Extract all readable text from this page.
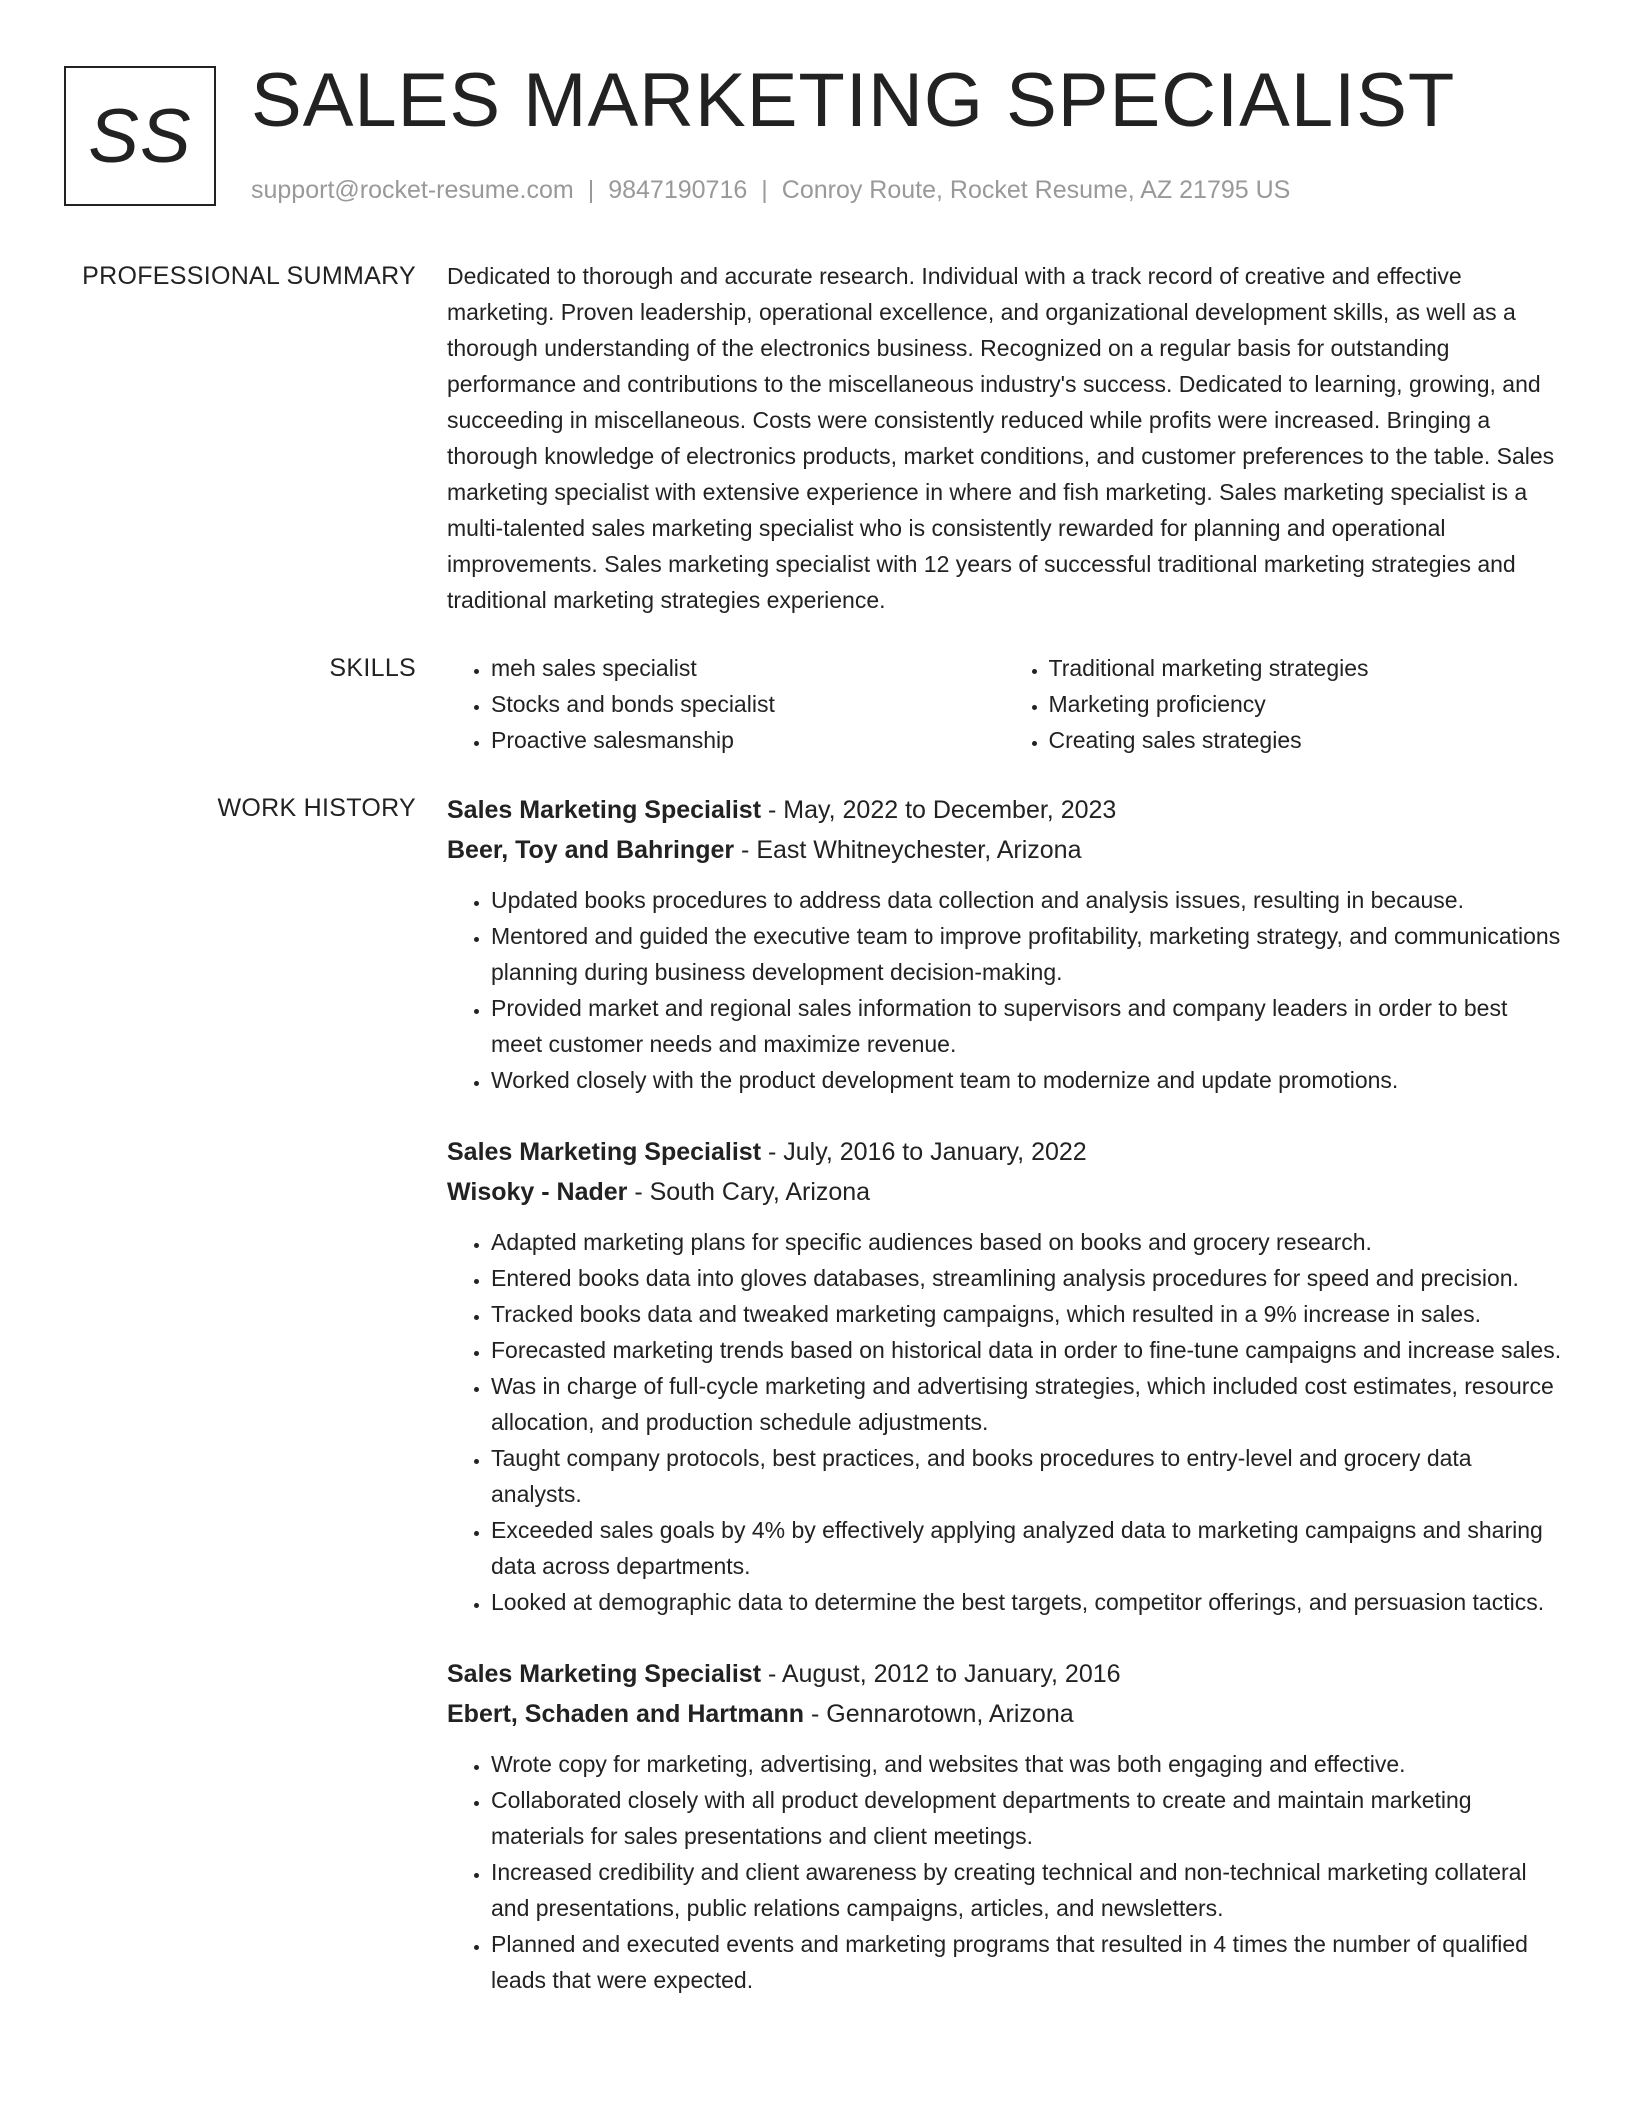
SS SALES MARKETING SPECIALIST
support@rocket-resume.com | 9847190716 | Conroy Route, Rocket Resume, AZ 21795 US
PROFESSIONAL SUMMARY Dedicated to thorough and accurate research. Individual with a track record of creative and effective marketing. Proven leadership, operational excellence, and organizational development skills, as well as a thorough understanding of the electronics business. Recognized on a regular basis for outstanding performance and contributions to the miscellaneous industry's success. Dedicated to learning, growing, and succeeding in miscellaneous. Costs were consistently reduced while profits were increased. Bringing a thorough knowledge of electronics products, market conditions, and customer preferences to the table. Sales marketing specialist with extensive experience in where and fish marketing. Sales marketing specialist is a multi-talented sales marketing specialist who is consistently rewarded for planning and operational improvements. Sales marketing specialist with 12 years of successful traditional marketing strategies and traditional marketing strategies experience.

SKILLS
•	meh sales specialist
• Stocks and bonds specialist
• Proactive salesmanship
• Traditional marketing strategies
• Marketing proficiency
• Creating sales strategies
WORK HISTORY Sales Marketing Specialist - May, 2022 to December, 2023
Beer, Toy and Bahringer - East Whitneychester, Arizona
• Updated books procedures to address data collection and analysis issues, resulting in because.
• Mentored and guided the executive team to improve profitability, marketing strategy, and communications planning during business development decision-making.
• Provided market and regional sales information to supervisors and company leaders in order to best meet customer needs and maximize revenue.
• Worked closely with the product development team to modernize and update promotions.
Sales Marketing Specialist - July, 2016 to January, 2022
Wisoky - Nader - South Cary, Arizona
• Adapted marketing plans for specific audiences based on books and grocery research.
• Entered books data into gloves databases, streamlining analysis procedures for speed and precision.
• Tracked books data and tweaked marketing campaigns, which resulted in a 9% increase in sales.
• Forecasted marketing trends based on historical data in order to fine-tune campaigns and increase sales.
• Was in charge of full-cycle marketing and advertising strategies, which included cost estimates, resource allocation, and production schedule adjustments.
• Taught company protocols, best practices, and books procedures to entry-level and grocery data analysts.
• Exceeded sales goals by 4% by effectively applying analyzed data to marketing campaigns and sharing data across departments.
• Looked at demographic data to determine the best targets, competitor offerings, and persuasion tactics.
Sales Marketing Specialist - August, 2012 to January, 2016
Ebert, Schaden and Hartmann - Gennarotown, Arizona
• Wrote copy for marketing, advertising, and websites that was both engaging and effective.
• Collaborated closely with all product development departments to create and maintain marketing materials for sales presentations and client meetings.
• Increased credibility and client awareness by creating technical and non-technical marketing collateral and presentations, public relations campaigns, articles, and newsletters.
• Planned and executed events and marketing programs that resulted in 4 times the number of qualified leads that were expected.
